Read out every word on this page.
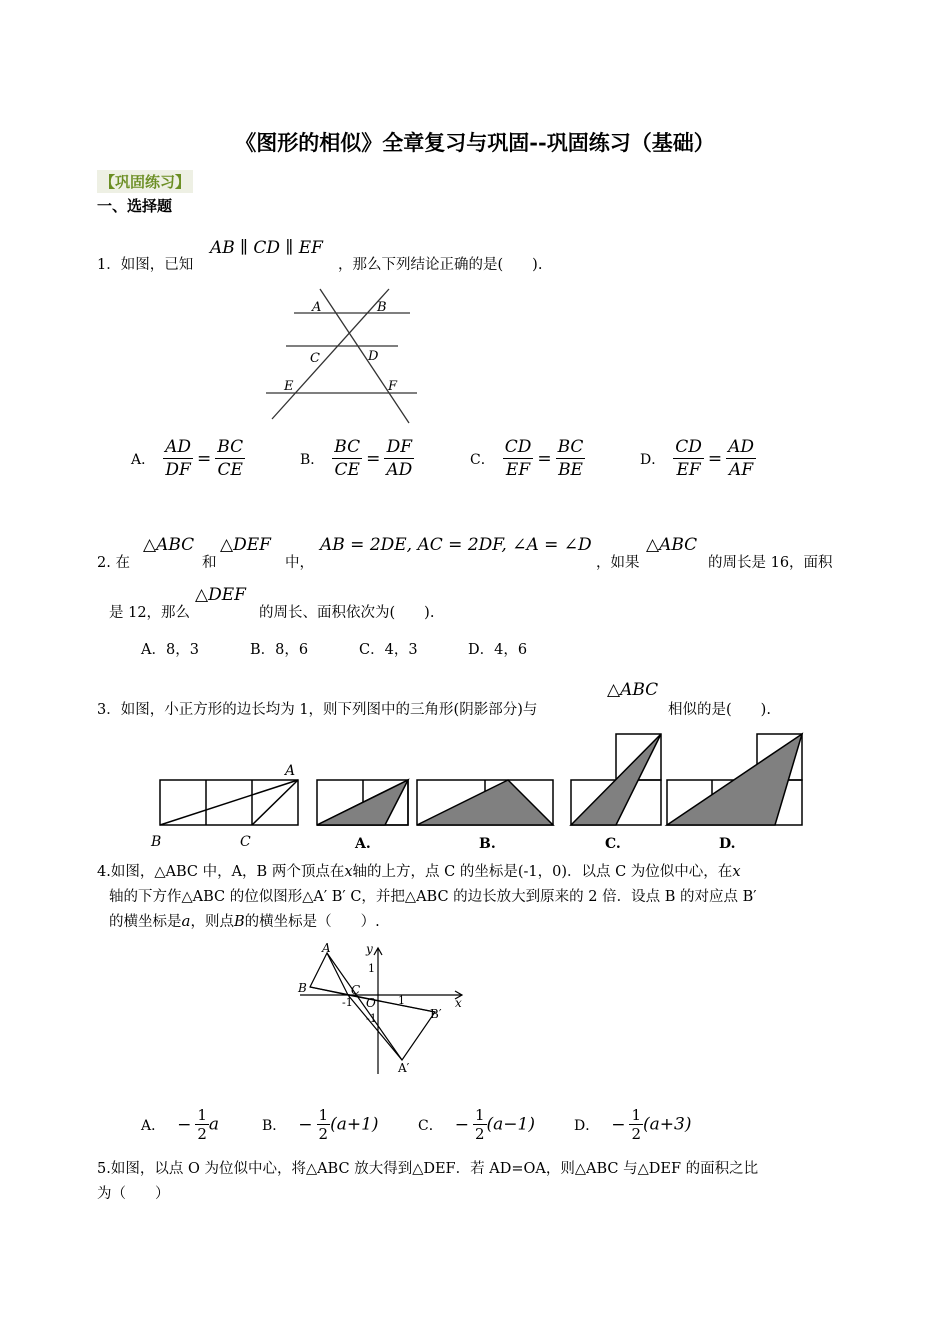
《图形的相似》全章复习与巩固--巩固练习（基础）
【巩固练习】
一、选择题
1．如图，已知
AB ∥ CD ∥ EF
，那么下列结论正确的是(　　).
A	B
C	D
E	F
A． $\frac{AD}{DF} = \frac{BC}{CE}$	B． $\frac{BC}{CE} = \frac{DF}{AD}$	C． $\frac{CD}{EF} = \frac{BC}{BE}$	D． $\frac{CD}{EF} = \frac{AD}{AF}$
2. 在
△ABC
和
△DEF
中，
AB = 2DE, AC = 2DF, ∠A = ∠D
，如果
△ABC
的周长是 16，面积
是 12，那么
△DEF
的周长、面积依次为(　　).
A．8，3	B．8，6	C．4，3	D．4，6
3．如图，小正方形的边长均为 1，则下列图中的三角形(阴影部分)与
△ABC
相似的是(　　).
A
B	C	A.	B.	C.	D.
4.如图，△ABC 中，A，B 两个顶点在x轴的上方，点 C 的坐标是(-1，0)．以点 C 为位似中心，在x
轴的下方作△ABC 的位似图形△A′ B′ C，并把△ABC 的边长放大到原来的 2 倍．设点 B 的对应点 B′
的横坐标是a，则点B的横坐标是（　　）.
A
B	C
O
B′
A′
y
x
1
-1	1
-1
A． − $\frac{1}{2}$ a	B． − $\frac{1}{2} (a+1)$	C． − $\frac{1}{2} (a-1)$	D． − $\frac{1}{2} (a+3)$
5.如图，以点 O 为位似中心，将△ABC 放大得到△DEF．若 AD=OA，则△ABC 与△DEF 的面积之比
为（　　）
